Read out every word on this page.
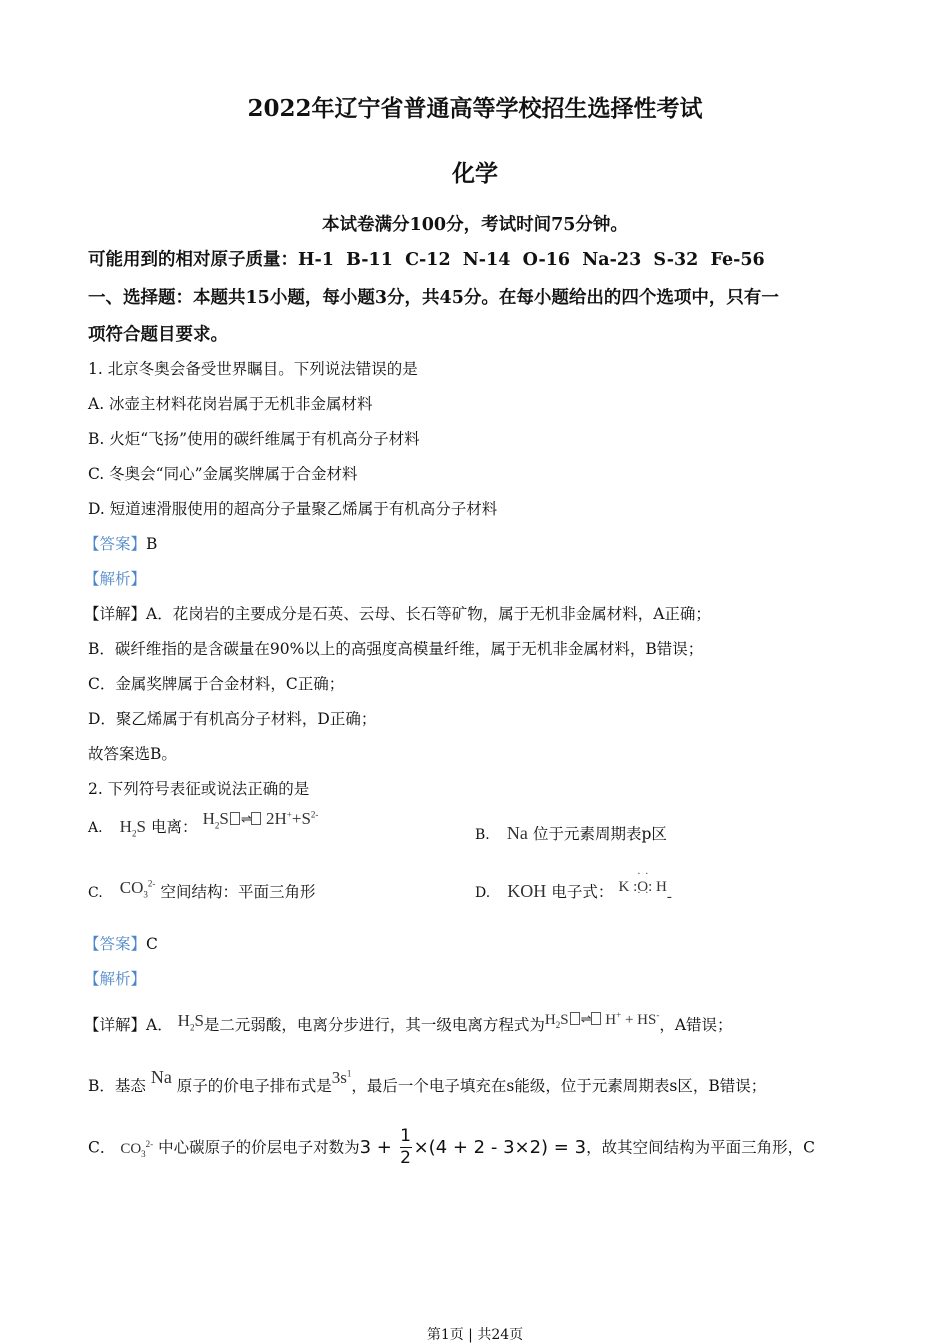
2022年辽宁省普通高等学校招生选择性考试
化学
本试卷满分100分，考试时间75分钟。
可能用到的相对原子质量：H-1  B-11  C-12  N-14  O-16  Na-23  S-32  Fe-56
一、选择题：本题共15小题，每小题3分，共45分。在每小题给出的四个选项中，只有一
项符合题目要求。
1. 北京冬奥会备受世界瞩目。下列说法错误的是
A. 冰壶主材料花岗岩属于无机非金属材料
B. 火炬“飞扬”使用的碳纤维属于有机高分子材料
C. 冬奥会“同心”金属奖牌属于合金材料
D. 短道速滑服使用的超高分子量聚乙烯属于有机高分子材料
【答案】B
【解析】
【详解】A．花岗岩的主要成分是石英、云母、长石等矿物，属于无机非金属材料，A正确；
B．碳纤维指的是含碳量在90%以上的高强度高模量纤维，属于无机非金属材料，B错误；
C．金属奖牌属于合金材料，C正确；
D．聚乙烯属于有机高分子材料，D正确；
故答案选B。
2. 下列符号表征或说法正确的是
A. $H_2S$ 电离： $H_2S$ ⇌ $2H^++S^{2-}$
B. Na 位于元素周期表p区
C. $CO_3^{2-}$ 空间结构：平面三角形	D. KOH 电子式： K :· · O · ·: H-
【答案】C
【解析】
【详解】A． $H_2S$是二元弱酸，电离分步进行，其一级电离方程式为$H_2S$ ⇌ H+ + HS-，A错误；
B．基态 Na 原子的价电子排布式是$3s^1$，最后一个电子填充在s能级，位于元素周期表s区，B错误；
C． $CO_3^{2-}$ 中心碳原子的价层电子对数为$3 + \frac{1}{2} \times(4 + 2 - 3\times 2) = 3$，故其空间结构为平面三角形，C
第1页 | 共24页
